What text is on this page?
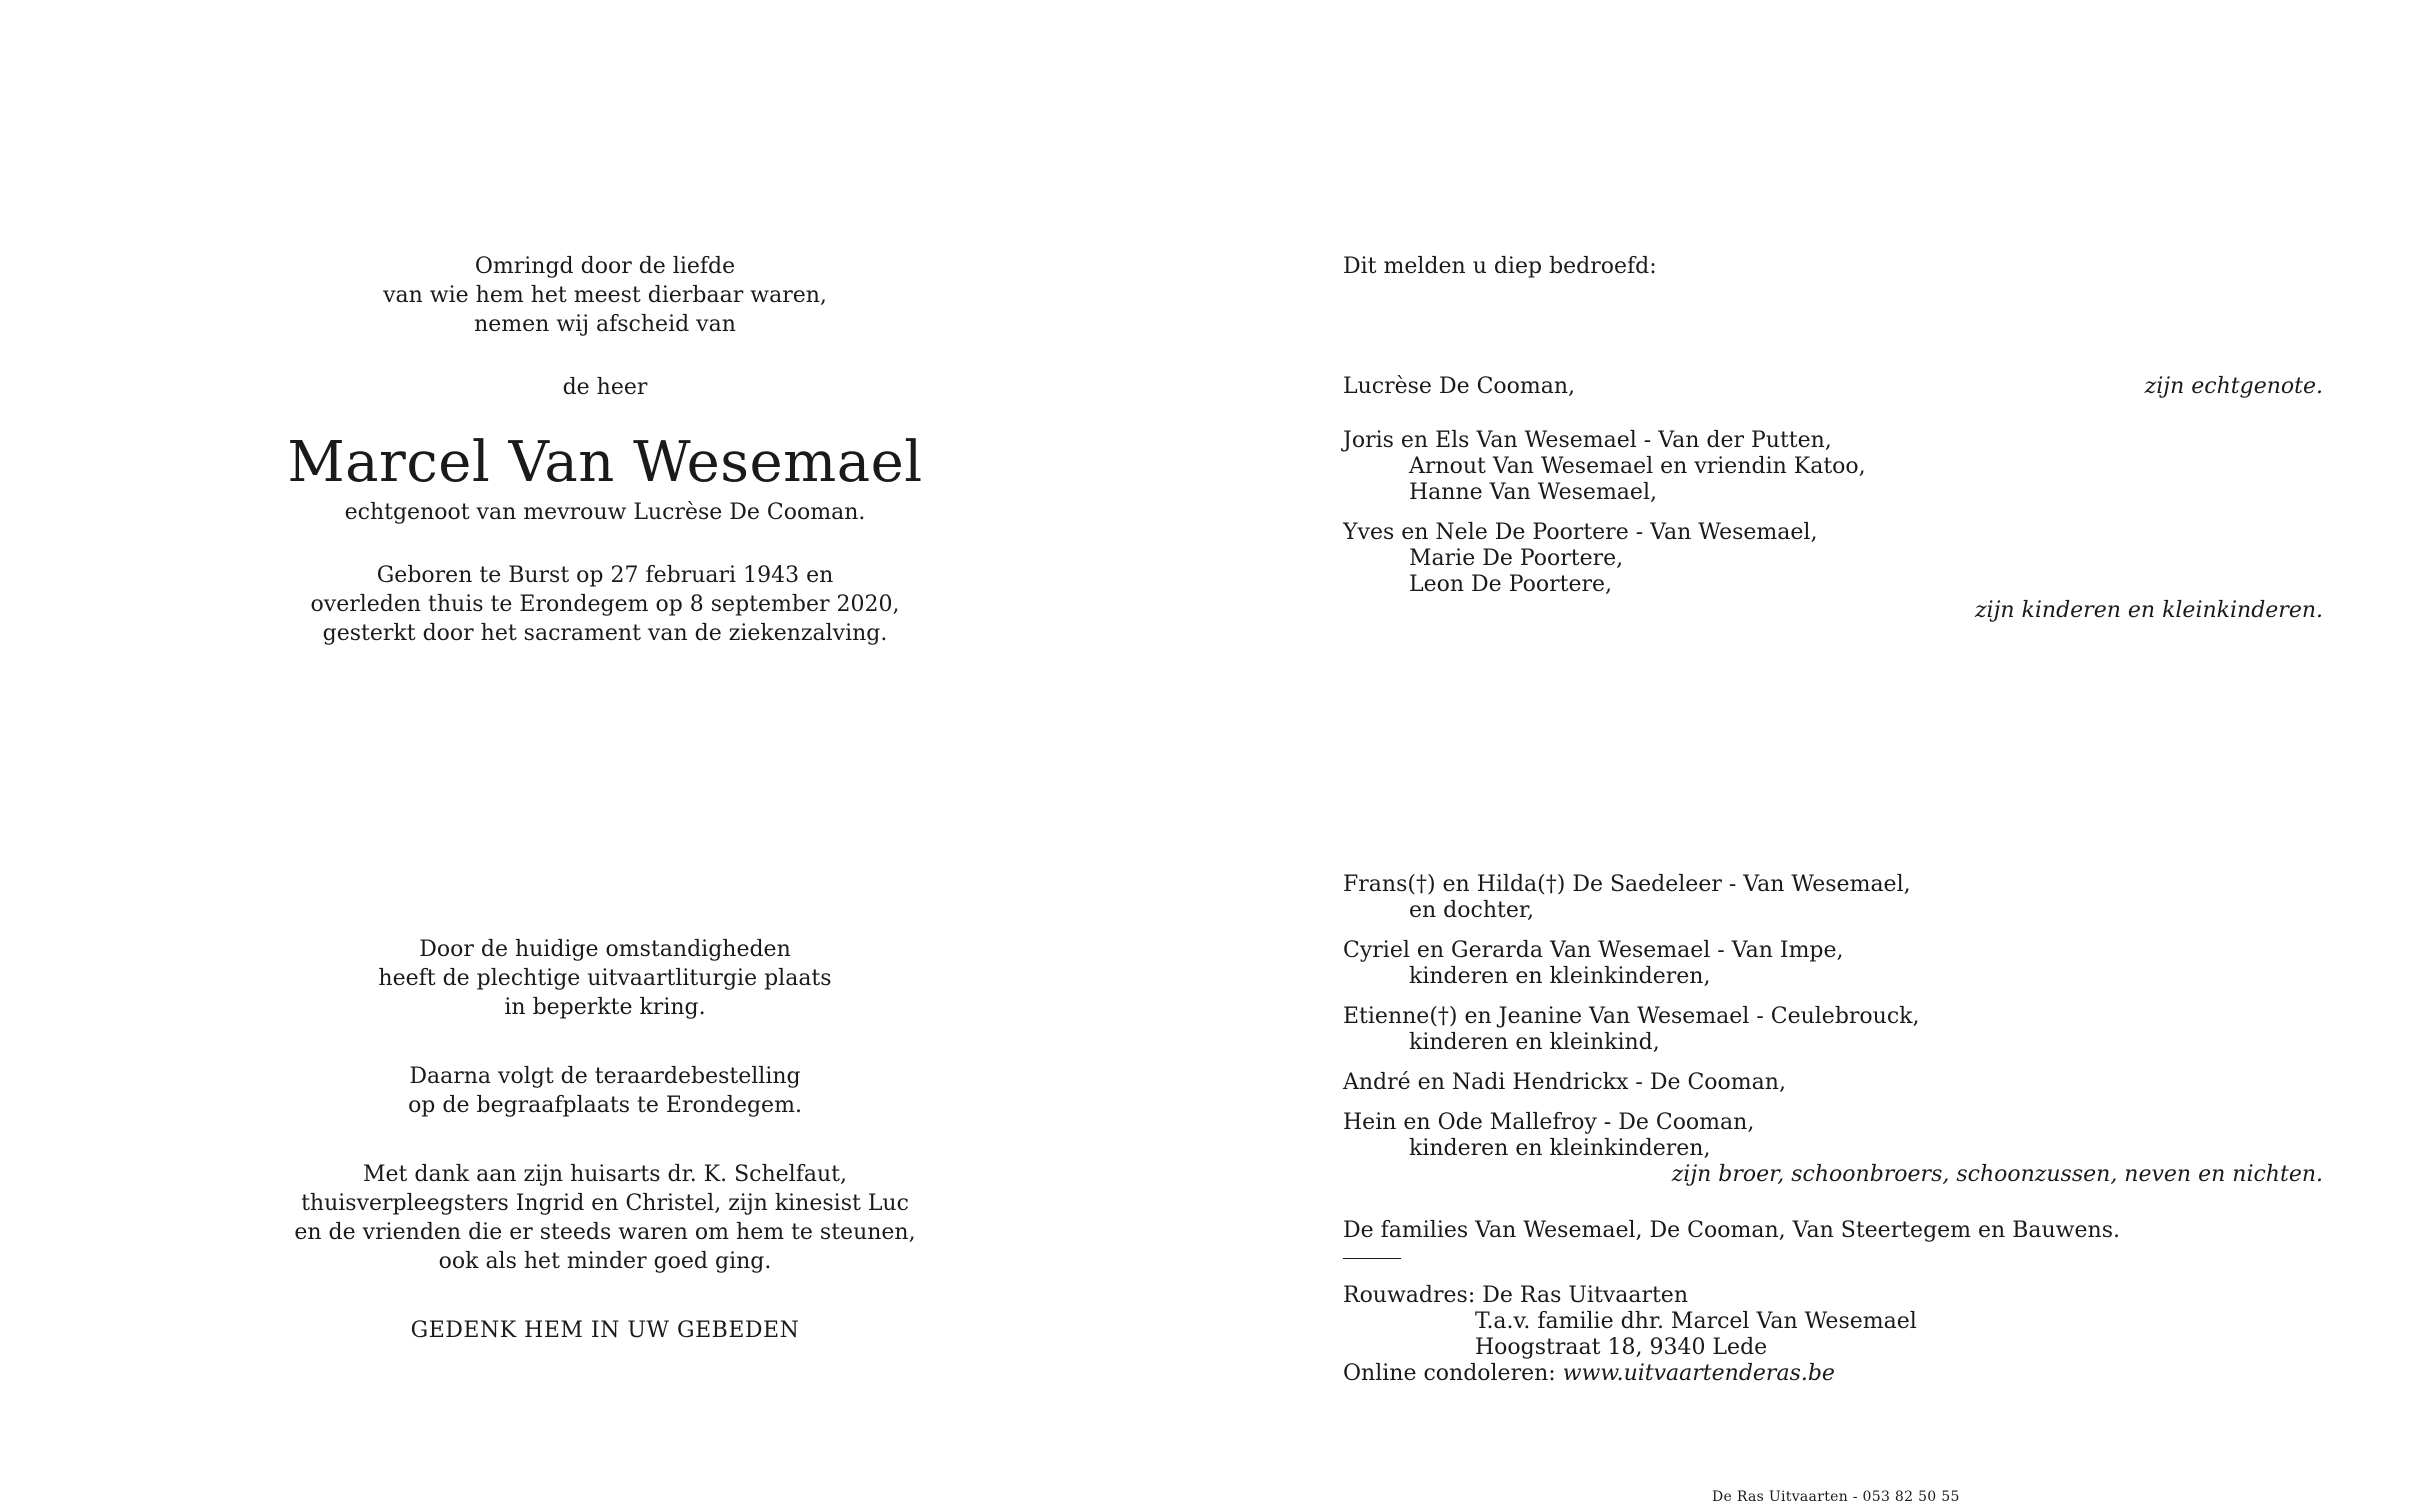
Omringd door de liefde
van wie hem het meest dierbaar waren,
nemen wij afscheid van
de heer
Marcel Van Wesemael
echtgenoot van mevrouw Lucrèse De Cooman.
Geboren te Burst op 27 februari 1943 en
overleden thuis te Erondegem op 8 september 2020,
gesterkt door het sacrament van de ziekenzalving.
Door de huidige omstandigheden
heeft de plechtige uitvaartliturgie plaats
in beperkte kring.
Daarna volgt de teraardebestelling
op de begraafplaats te Erondegem.
Met dank aan zijn huisarts dr. K. Schelfaut,
thuisverpleegsters Ingrid en Christel, zijn kinesist Luc
en de vrienden die er steeds waren om hem te steunen,
ook als het minder goed ging.
GEDENK HEM IN UW GEBEDEN
Dit melden u diep bedroefd:
Lucrèse De Cooman,	zijn echtgenote.
Joris en Els Van Wesemael - Van der Putten,
Arnout Van Wesemael en vriendin Katoo,
Hanne Van Wesemael,
Yves en Nele De Poortere - Van Wesemael,
Marie De Poortere,
Leon De Poortere,
zijn kinderen en kleinkinderen.
Frans(†) en Hilda(†) De Saedeleer - Van Wesemael,
en dochter,
Cyriel en Gerarda Van Wesemael - Van Impe,
kinderen en kleinkinderen,
Etienne(†) en Jeanine Van Wesemael - Ceulebrouck,
kinderen en kleinkind,
André en Nadi Hendrickx - De Cooman,
Hein en Ode Mallefroy - De Cooman,
kinderen en kleinkinderen,
zijn broer, schoonbroers, schoonzussen, neven en nichten.
De families Van Wesemael, De Cooman, Van Steertegem en Bauwens.
Rouwadres: De Ras Uitvaarten
T.a.v. familie dhr. Marcel Van Wesemael
Hoogstraat 18, 9340 Lede
Online condoleren: www.uitvaartenderas.be
De Ras Uitvaarten - 053 82 50 55
